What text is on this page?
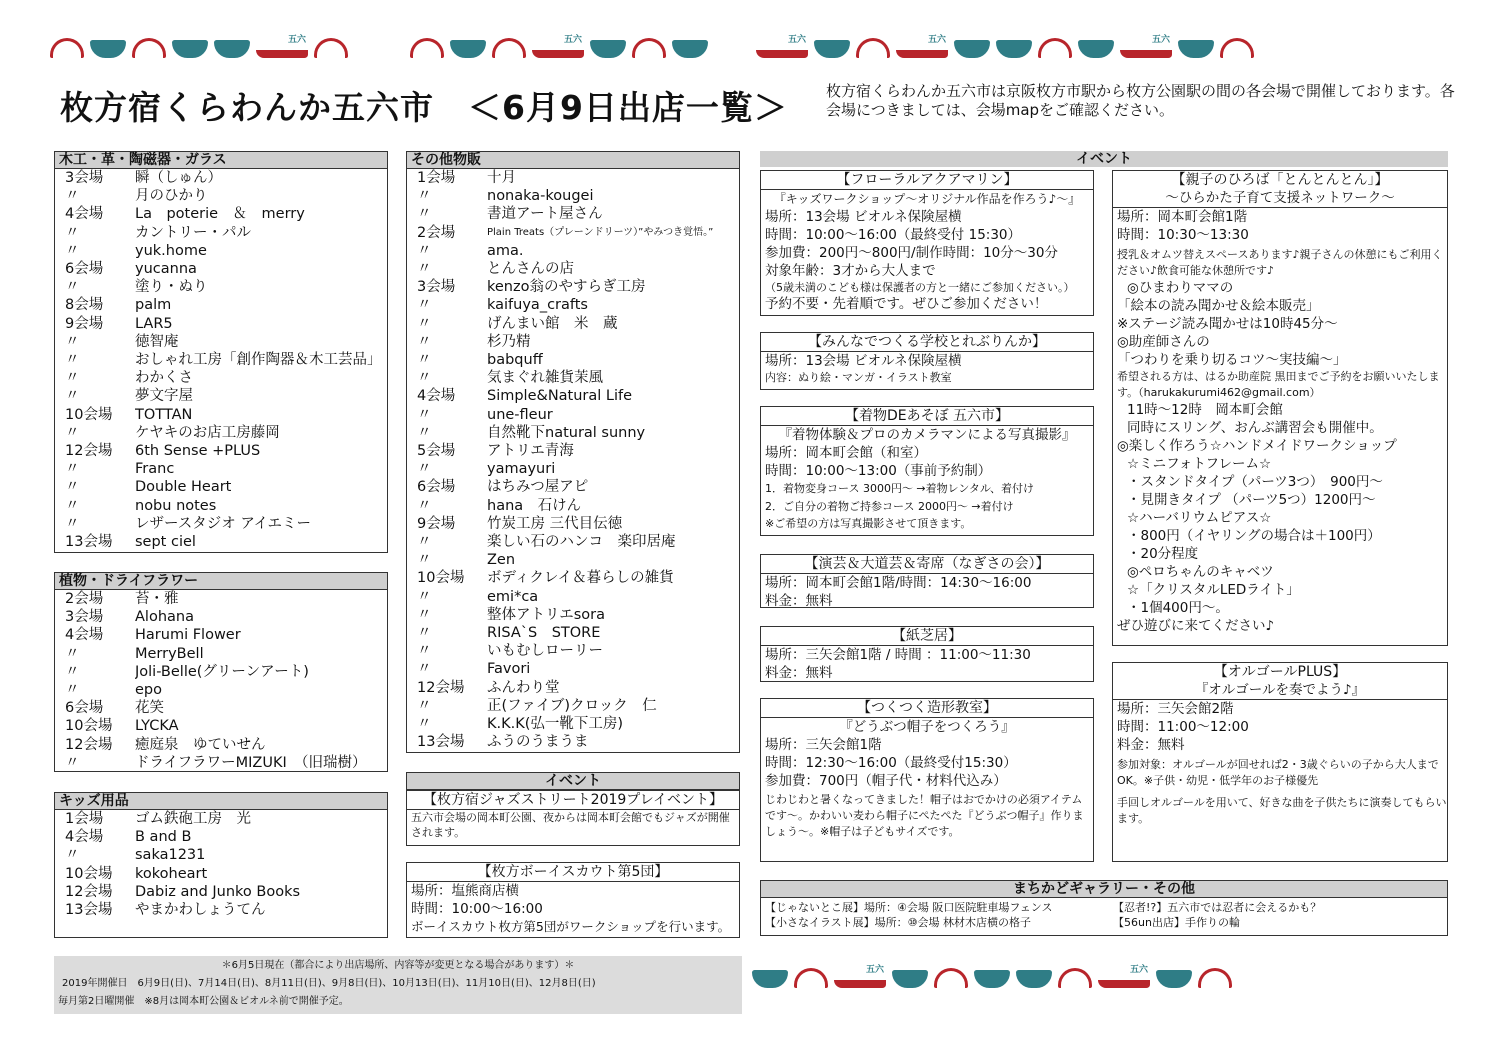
五六	五六	五六	五六	五六
枚方宿くらわんか五六市　＜6月9日出店一覧＞	枚方宿くらわんか五六市は京阪枚方市駅から枚方公園駅の間の各会場で開催しております。各会場につきましては、会場mapをご確認ください。
木工・革・陶磁器・ガラス
3会場	瞬（しゅん）
〃	月のひかり
4会場	La　poterie　＆　merry
〃	カントリー・パル
〃	yuk.home
6会場	yucanna
〃	塗り・ぬり
8会場	palm
9会場	LAR5
〃	徳智庵
〃	おしゃれ工房「創作陶器＆木工芸品」
〃	わかくさ
〃	夢文字屋
10会場	TOTTAN
〃	ケヤキのお店工房藤岡
12会場	6th Sense +PLUS
〃	Franc
〃	Double Heart
〃	nobu notes
〃	レザースタジオ アイエミー
13会場	sept ciel
植物・ドライフラワー
2会場	苔・雅
3会場	Alohana
4会場	Harumi Flower
〃	MerryBell
〃	Joli-Belle(グリーンアート)
〃	epo
6会場	花笑
10会場	LYCKA
12会場	癒庭泉　ゆていせん
〃	ドライフラワーMIZUKI　（旧瑞樹）
キッズ用品
1会場	ゴム鉄砲工房　光
4会場	B and B
〃	saka1231
10会場	kokoheart
12会場	Dabiz and Junko Books
13会場	やまかわしょうてん
その他物販
1会場	十月
〃	nonaka-kougei
〃	書道アート屋さん
2会場	Plain Treats（プレーンドリーツ）”やみつき覚悟。”
〃	ama.
〃	とんさんの店
3会場	kenzo翁のやすらぎ工房
〃	kaifuya_crafts
〃	げんまい館　米　蔵
〃	杉乃精
〃	babquff
〃	気まぐれ雑貨茉風
4会場	Simple&Natural Life
〃	une-fleur
〃	自然靴下natural sunny
5会場	アトリエ青海
〃	yamayuri
6会場	はちみつ屋アピ
〃	hana　石けん
9会場	竹炭工房 三代目伝徳
〃	楽しい石のハンコ　楽印居庵
〃	Zen
10会場	ボディクレイ＆暮らしの雑貨
〃	emi*ca
〃	整体アトリエsora
〃	RISA`S　STORE
〃	いもむしローリー
〃	Favori
12会場	ふんわり堂
〃	正(ファイブ)クロック　仁
〃	K.K.K(弘一靴下工房)
13会場	ふうのうまうま
イベント
【枚方宿ジャズストリート2019プレイベント】

五六市会場の岡本町公園、夜からは岡本町会館でもジャズが開催されます。

【枚方ボーイスカウト第5団】

場所：塩熊商店横

時間：10:00～16:00

ボーイスカウト枚方第5団がワークショップを行います。

イベント
【フローラルアクアマリン】

『キッズワークショップ～オリジナル作品を作ろう♪～』

場所：13会場 ビオルネ保険屋横

時間：10:00～16:00（最終受付 15:30）

参加費：200円～800円/制作時間：10分～30分

対象年齢：3才から大人まで

（5歳未満のこども様は保護者の方と一緒にご参加ください。）

予約不要・先着順です。ぜひご参加ください！

【みんなでつくる学校とれぶりんか】

場所：13会場 ビオルネ保険屋横

内容：ぬり絵・マンガ・イラスト教室

【着物DEあそぼ 五六市】

『着物体験＆プロのカメラマンによる写真撮影』

場所：岡本町会館（和室）

時間：10:00～13:00（事前予約制）

1．着物変身コース 3000円～ →着物レンタル、着付け

2．ご自分の着物ご持参コース 2000円～ →着付け

※ご希望の方は写真撮影させて頂きます。

【演芸＆大道芸＆寄席（なぎさの会）】

場所：岡本町会館1階/時間：14:30～16:00

料金：無料

【紙芝居】

場所：三矢会館1階 / 時間 ：11:00～11:30

料金：無料

【つくつく造形教室】

『どうぶつ帽子をつくろう』

場所：三矢会館1階

時間：12:30～16:00（最終受付15:30）

参加費：700円（帽子代・材料代込み）

じわじわと暑くなってきました！帽子はおでかけの必須アイテムです～。かわいい麦わら帽子にぺたぺた『どうぶつ帽子』作りましょう～。※帽子は子どもサイズです。

【親子のひろば「とんとんとん」】

～ひらかた子育て支援ネットワーク～

場所：岡本町会館1階

時間：10:30～13:30

授乳＆オムツ替えスペースあります♪親子さんの休憩にもご利用ください♪飲食可能な休憩所です♪

◎ひまわりママの

「絵本の読み聞かせ＆絵本販売」

※ステージ読み聞かせは10時45分～

◎助産師さんの

「つわりを乗り切るコツ～実技編～」

希望される方は、はるか助産院 黒田までご予約をお願いいたします。（harukakurumi462@gmail.com）

11時～12時　岡本町会館

同時にスリング、おんぶ講習会も開催中。

◎楽しく作ろう☆ハンドメイドワークショップ

☆ミニフォトフレーム☆

・スタンドタイプ（パーツ3つ）　900円～

・見開きタイプ （パーツ5つ）1200円～

☆ハーバリウムピアス☆

・800円（イヤリングの場合は＋100円）

・20分程度

◎ペロちゃんのキャベツ

☆「クリスタルLEDライト」

・1個400円～。

ぜひ遊びに来てください♪

【オルゴールPLUS】

『オルゴールを奏でよう♪』

場所：三矢会館2階

時間：11:00～12:00

料金：無料

参加対象：オルゴールが回せれば2・3歳ぐらいの子から大人までOK。※子供・幼児・低学年のお子様優先

手回しオルゴールを用いて、好きな曲を子供たちに演奏してもらいます。

まちかどギャラリー・その他
【じゃないとこ展】場所：④会場 阪口医院駐車場フェンス
【小さなイラスト展】場所：⑩会場 林材木店横の格子
【忍者!?】五六市では忍者に会えるかも？
【56un出店】手作りの輪
＊6月5日現在（都合により出店場所、内容等が変更となる場合があります）＊
2019年開催日　6月9日(日)、7月14日(日)、8月11日(日)、9月8日(日)、10月13日(日)、11月10日(日)、12月8日(日)
毎月第2日曜開催　※8月は岡本町公園＆ビオルネ前で開催予定。
五六	五六
